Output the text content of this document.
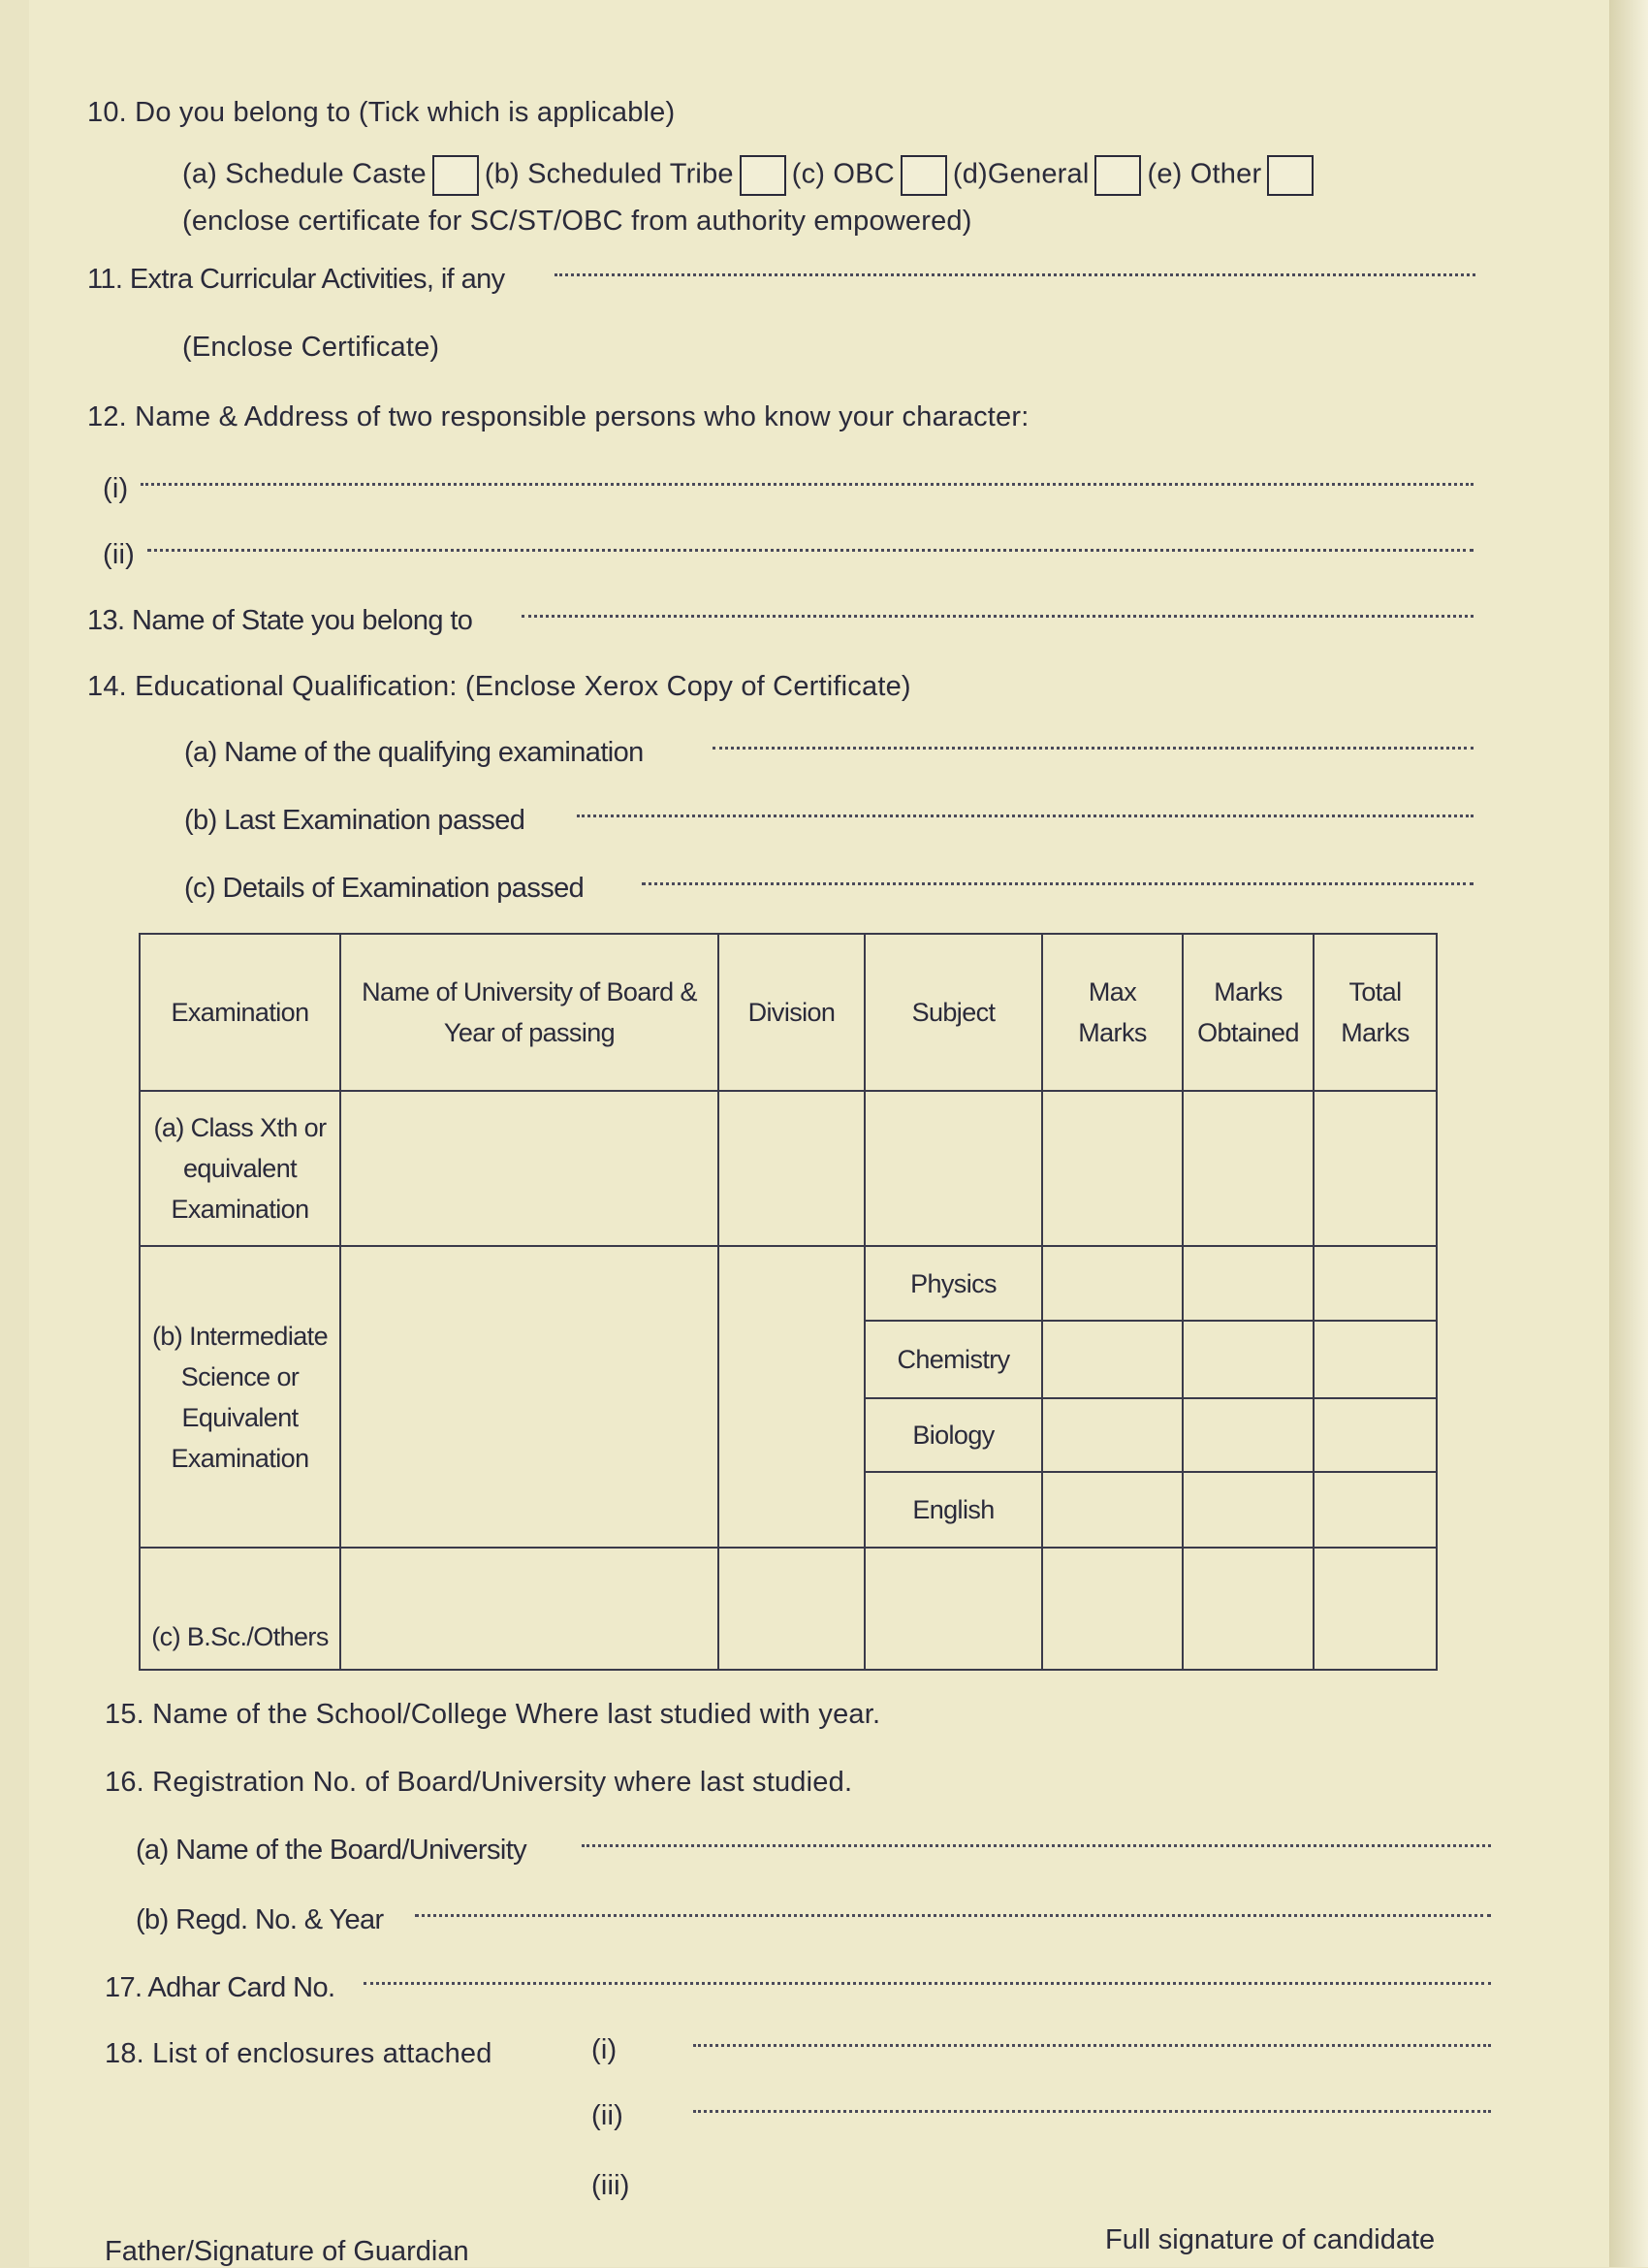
10. Do you belong to (Tick which is applicable)
(a) Schedule Caste (b) Scheduled Tribe (c) OBC (d)General (e) Other
(enclose certificate for SC/ST/OBC from authority empowered)
11. Extra Curricular Activities, if any
(Enclose Certificate)
12. Name & Address of two responsible persons who know your character:
(i)
(ii)
13. Name of State you belong to
14. Educational Qualification: (Enclose Xerox Copy of Certificate)
(a) Name of the qualifying examination
(b) Last Examination passed
(c) Details of Examination passed
Examination	Name of University of Board & Year of passing	Division	Subject	Max Marks	Marks Obtained	Total Marks
(a) Class Xth or equivalent Examination						
(b) Intermediate Science or Equivalent Examination			Physics			
			Chemistry			
			Biology			
			English			
(c) B.Sc./Others						
15. Name of the School/College Where last studied with year.
16. Registration No. of Board/University where last studied.
(a) Name of the Board/University
(b) Regd. No. & Year
17. Adhar Card No.
18. List of enclosures attached	(i)
(ii)
(iii)
Father/Signature of Guardian	Full signature of candidate
